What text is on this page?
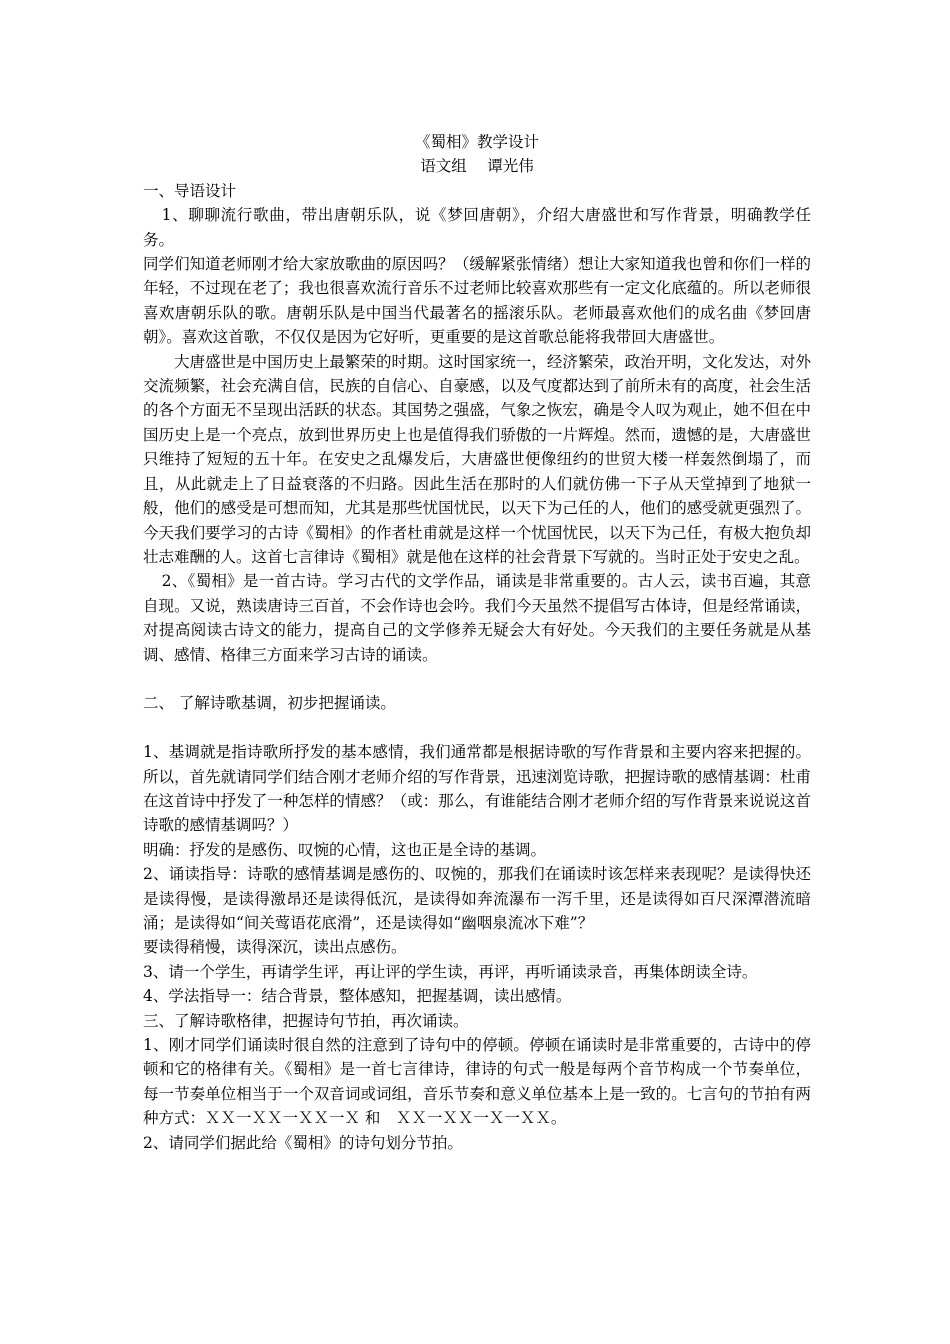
《蜀相》教学设计
语文组　 谭光伟
一、导语设计

1、聊聊流行歌曲，带出唐朝乐队，说《梦回唐朝》，介绍大唐盛世和写作背景，明确教学任务。

同学们知道老师刚才给大家放歌曲的原因吗？（缓解紧张情绪）想让大家知道我也曾和你们一样的年轻，不过现在老了；我也很喜欢流行音乐不过老师比较喜欢那些有一定文化底蕴的。所以老师很喜欢唐朝乐队的歌。唐朝乐队是中国当代最著名的摇滚乐队。老师最喜欢他们的成名曲《梦回唐朝》。喜欢这首歌，不仅仅是因为它好听，更重要的是这首歌总能将我带回大唐盛世。

大唐盛世是中国历史上最繁荣的时期。这时国家统一，经济繁荣，政治开明，文化发达，对外交流频繁，社会充满自信，民族的自信心、自豪感，以及气度都达到了前所未有的高度，社会生活的各个方面无不呈现出活跃的状态。其国势之强盛，气象之恢宏，确是令人叹为观止，她不但在中国历史上是一个亮点，放到世界历史上也是值得我们骄傲的一片辉煌。然而，遗憾的是，大唐盛世只维持了短短的五十年。在安史之乱爆发后，大唐盛世便像纽约的世贸大楼一样轰然倒塌了，而且，从此就走上了日益衰落的不归路。因此生活在那时的人们就仿佛一下子从天堂掉到了地狱一般，他们的感受是可想而知，尤其是那些忧国忧民，以天下为己任的人，他们的感受就更强烈了。今天我们要学习的古诗《蜀相》的作者杜甫就是这样一个忧国忧民，以天下为己任，有极大抱负却壮志难酬的人。这首七言律诗《蜀相》就是他在这样的社会背景下写就的。当时正处于安史之乱。

2、《蜀相》是一首古诗。学习古代的文学作品，诵读是非常重要的。古人云，读书百遍，其意自现。又说，熟读唐诗三百首，不会作诗也会吟。我们今天虽然不提倡写古体诗，但是经常诵读，对提高阅读古诗文的能力，提高自己的文学修养无疑会大有好处。今天我们的主要任务就是从基调、感情、格律三方面来学习古诗的诵读。

二、 了解诗歌基调，初步把握诵读。

1、基调就是指诗歌所抒发的基本感情，我们通常都是根据诗歌的写作背景和主要内容来把握的。所以，首先就请同学们结合刚才老师介绍的写作背景，迅速浏览诗歌，把握诗歌的感情基调：杜甫在这首诗中抒发了一种怎样的情感？（或：那么，有谁能结合刚才老师介绍的写作背景来说说这首诗歌的感情基调吗？）

明确：抒发的是感伤、叹惋的心情，这也正是全诗的基调。

2、诵读指导：诗歌的感情基调是感伤的、叹惋的，那我们在诵读时该怎样来表现呢？是读得快还是读得慢，是读得激昂还是读得低沉，是读得如奔流瀑布一泻千里，还是读得如百尺深潭潜流暗涌；是读得如“间关莺语花底滑”，还是读得如“幽咽泉流冰下难”？

要读得稍慢，读得深沉，读出点感伤。

3、请一个学生，再请学生评，再让评的学生读，再评，再听诵读录音，再集体朗读全诗。

4、学法指导一：结合背景，整体感知，把握基调，读出感情。

三、了解诗歌格律，把握诗句节拍，再次诵读。

1、刚才同学们诵读时很自然的注意到了诗句中的停顿。停顿在诵读时是非常重要的，古诗中的停顿和它的格律有关。《蜀相》是一首七言律诗，律诗的句式一般是每两个音节构成一个节奏单位，每一节奏单位相当于一个双音词或词组，音乐节奏和意义单位基本上是一致的。七言句的节拍有两种方式：ＸＸ一ＸＸ一ＸＸ一Ｘ 和　ＸＸ一ＸＸ一Ｘ一ＸＸ。

2、请同学们据此给《蜀相》的诗句划分节拍。
